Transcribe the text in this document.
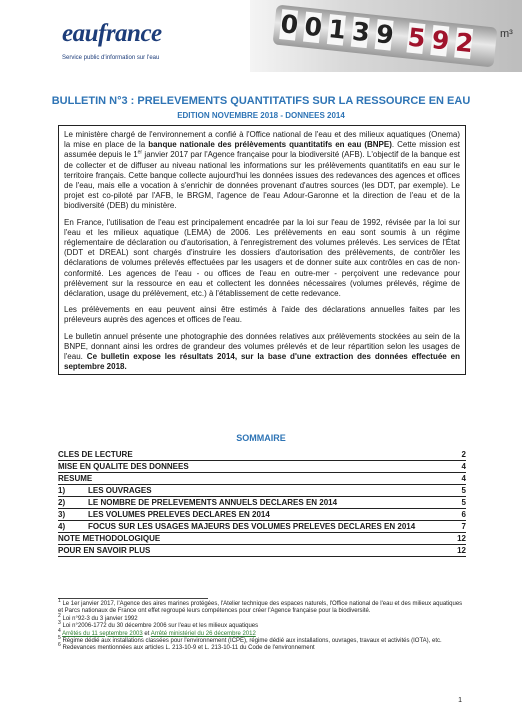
eaufrance
Service public d'information sur l'eau
0 0 1 3 9 5 9 2 m³
BULLETIN N°3 : PRELEVEMENTS QUANTITATIFS SUR LA RESSOURCE EN EAU
EDITION NOVEMBRE 2018 - DONNEES 2014

Le ministère chargé de l'environnement a confié à l'Office national de l'eau et des milieux aquatiques (Onema) la mise en place de la banque nationale des prélèvements quantitatifs en eau (BNPE). Cette mission est assumée depuis le 1er janvier 2017 par l'Agence française pour la biodiversité (AFB). L'objectif de la banque est de collecter et de diffuser au niveau national les informations sur les prélèvements quantitatifs en eau sur le territoire français. Cette banque collecte aujourd'hui les données issues des redevances des agences et offices de l'eau, mais elle a vocation à s'enrichir de données provenant d'autres sources (les DDT, par exemple). Le projet est co-piloté par l'AFB, le BRGM, l'agence de l'eau Adour-Garonne et la direction de l'eau et de la biodiversité (DEB) du ministère.

En France, l'utilisation de l'eau est principalement encadrée par la loi sur l'eau de 1992, révisée par la loi sur l'eau et les milieux aquatique (LEMA) de 2006. Les prélèvements en eau sont soumis à un régime réglementaire de déclaration ou d'autorisation, à l'enregistrement des volumes prélevés. Les services de l'État (DDT et DREAL) sont chargés d'instruire les dossiers d'autorisation des prélèvements, de contrôler les déclarations de volumes prélevés effectuées par les usagers et de donner suite aux contrôles en cas de non-conformité. Les agences de l'eau - ou offices de l'eau en outre-mer - perçoivent une redevance pour prélèvement sur la ressource en eau et collectent les données nécessaires (volumes prélevés, régime de déclaration, usage du prélèvement, etc.) à l'établissement de cette redevance.

Les prélèvements en eau peuvent ainsi être estimés à l'aide des déclarations annuelles faites par les préleveurs auprès des agences et offices de l'eau.

Le bulletin annuel présente une photographie des données relatives aux prélèvements stockées au sein de la BNPE, donnant ainsi les ordres de grandeur des volumes prélevés et de leur répartition selon les usages de l'eau. Ce bulletin expose les résultats 2014, sur la base d'une extraction des données effectuée en septembre 2018.

SOMMAIRE
CLES DE LECTURE	2
MISE EN QUALITE DES DONNEES	4
RESUME	4
1)	LES OUVRAGES	5
2)	LE NOMBRE DE PRELEVEMENTS ANNUELS DECLARES EN 2014	5
3)	LES VOLUMES PRELEVES DECLARES EN 2014	6
4)	FOCUS SUR LES USAGES MAJEURS DES VOLUMES PRELEVES DECLARES EN 2014	7
NOTE METHODOLOGIQUE	12
POUR EN SAVOIR PLUS	12
$^1$ Le 1er janvier 2017, l'Agence des aires marines protégées, l'Atelier technique des espaces naturels, l'Office national de l'eau et des milieux aquatiques et Parcs nationaux de France ont effet regroupé leurs compétences pour créer l'Agence française pour la biodiversité.
$^2$ Loi n°92-3 du 3 janvier 1992
$^3$ Loi n°2006-1772 du 30 décembre 2006 sur l'eau et les milieux aquatiques
$^4$ Arrêtés du 11 septembre 2003 et Arrêté ministériel du 26 décembre 2012
$^5$ Régime dédié aux installations classées pour l'environnement (ICPE), régime dédié aux installations, ouvrages, travaux et activités (IOTA), etc.
$^6$ Redevances mentionnées aux articles L. 213-10-9 et L. 213-10-11 du Code de l'environnement
1
